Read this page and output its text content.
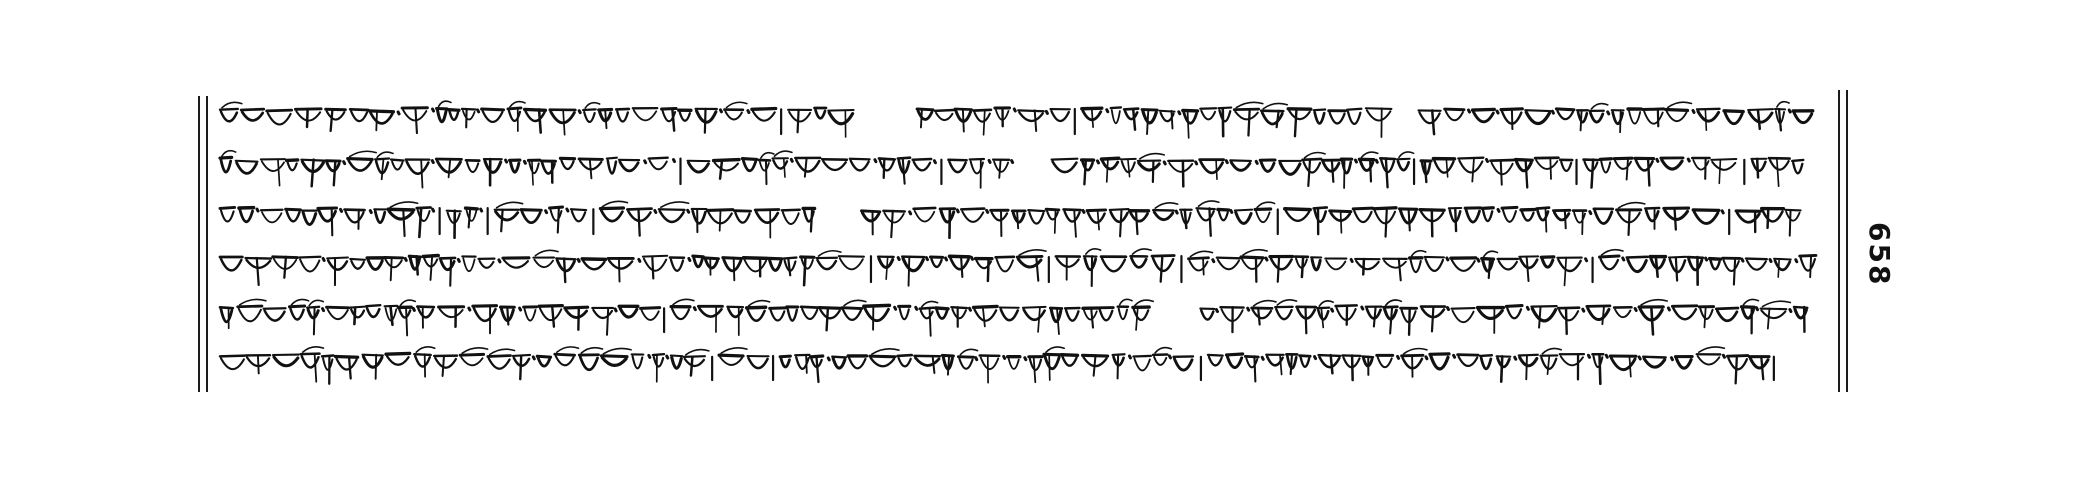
658
